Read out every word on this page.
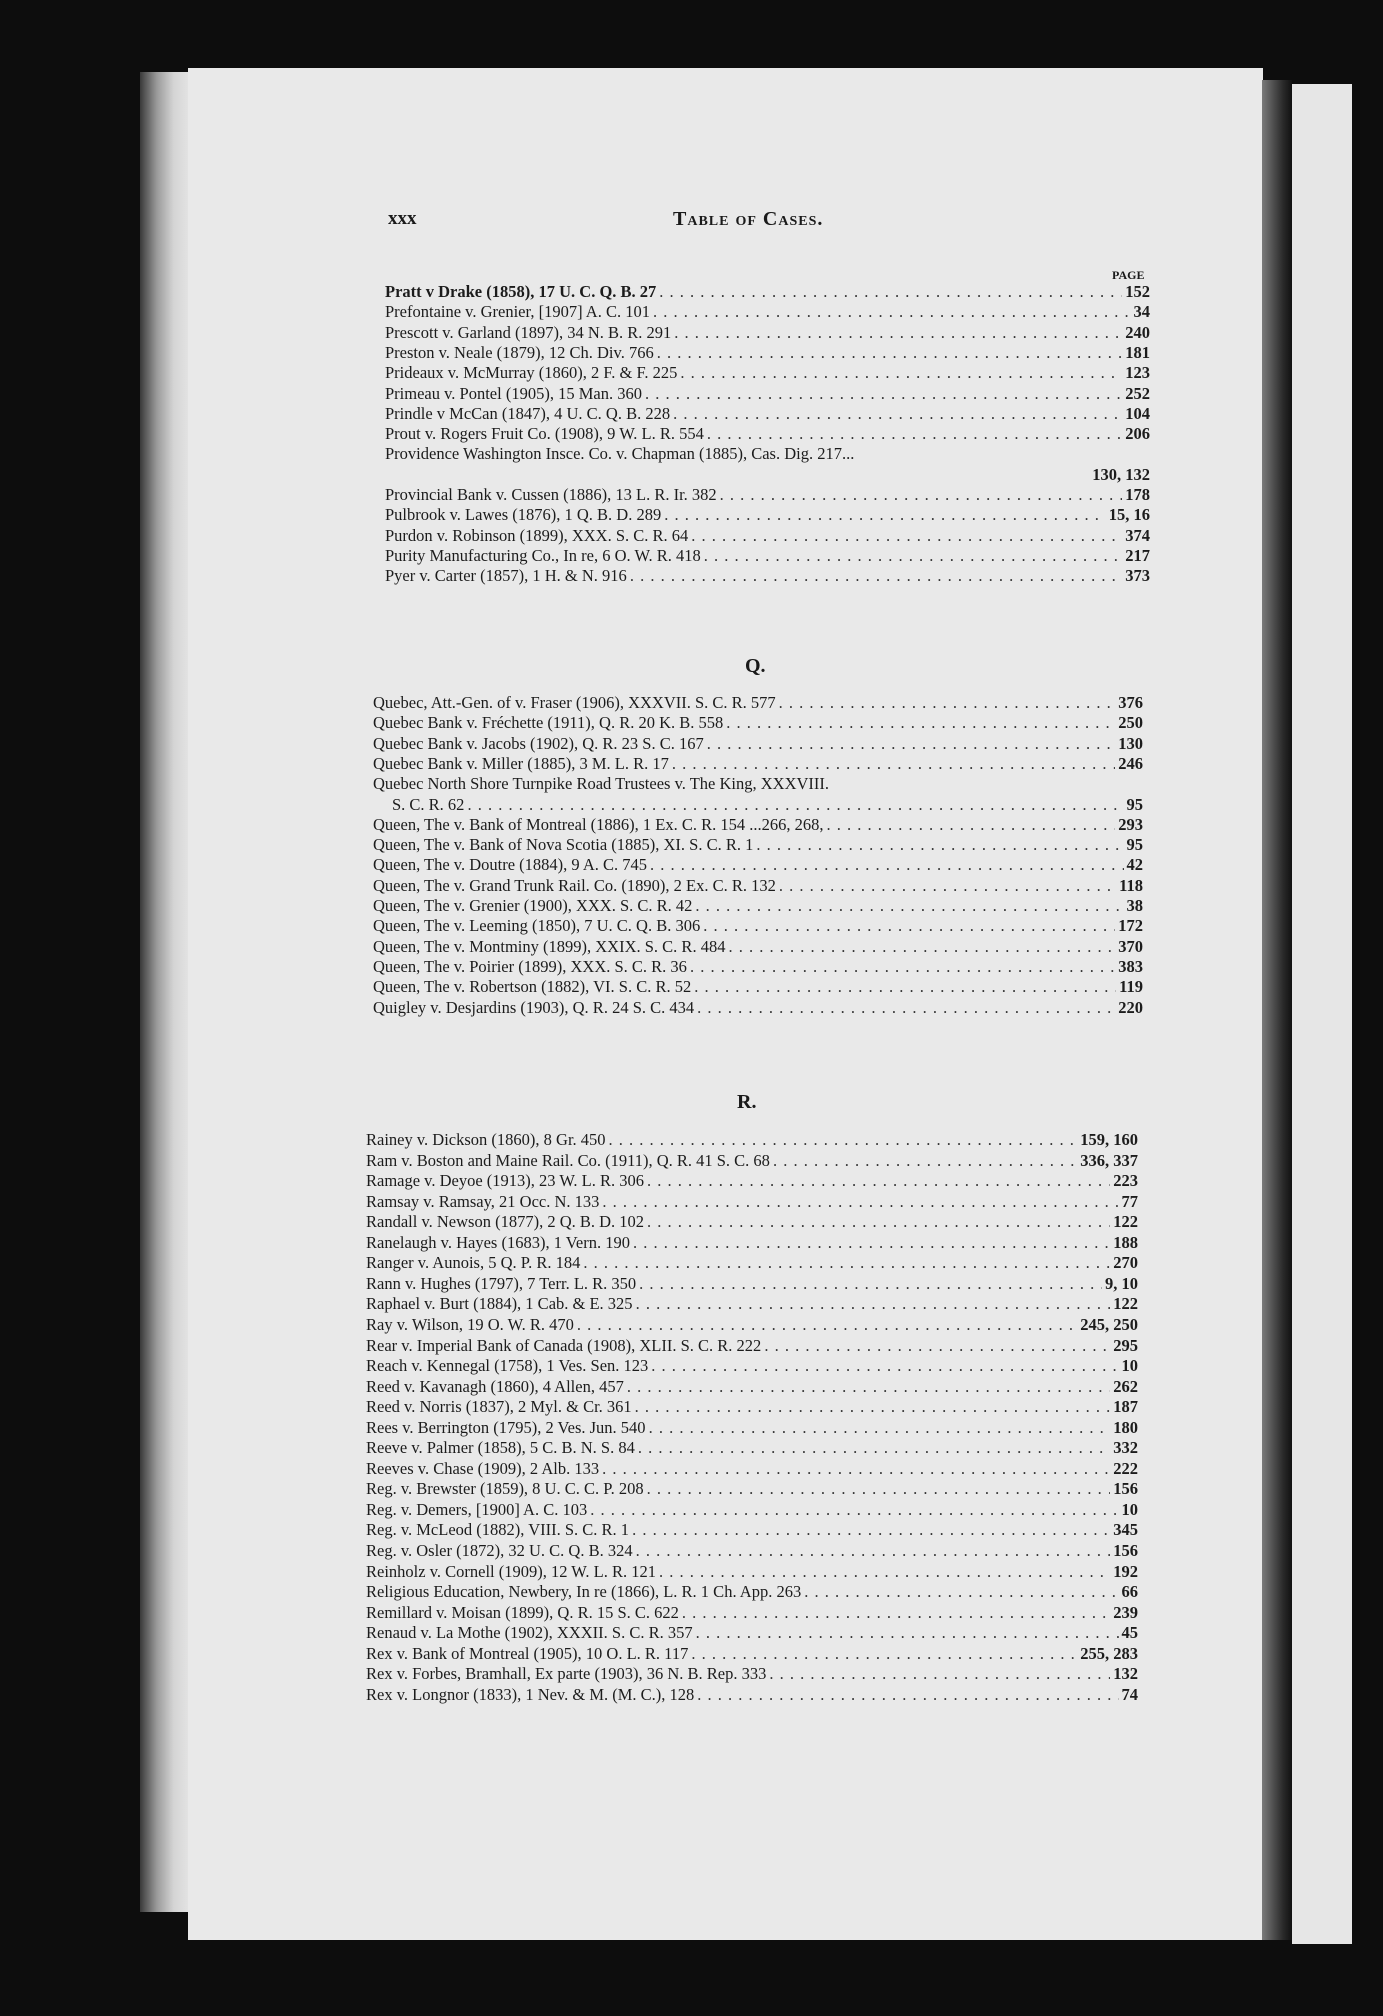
xxx	Table of Cases.
PAGE
Pratt v Drake (1858), 17 U. C. Q. B. 27 . . .	152
Prefontaine v. Grenier, [1907] A. C. 101 . . .	34
Prescott v. Garland (1897), 34 N. B. R. 291 . . .	240
Preston v. Neale (1879), 12 Ch. Div. 766 . . .	181
Prideaux v. McMurray (1860), 2 F. & F. 225 . . .	123
Primeau v. Pontel (1905), 15 Man. 360 . . .	252
Prindle v McCan (1847), 4 U. C. Q. B. 228 . . .	104
Prout v. Rogers Fruit Co. (1908), 9 W. L. R. 554 . . .	206
Providence Washington Insce. Co. v. Chapman (1885), Cas. Dig. 217...
130, 132
Provincial Bank v. Cussen (1886), 13 L. R. Ir. 382 . . .	178
Pulbrook v. Lawes (1876), 1 Q. B. D. 289 . . .	15, 16
Purdon v. Robinson (1899), XXX. S. C. R. 64 . . .	374
Purity Manufacturing Co., In re, 6 O. W. R. 418 . . .	217
Pyer v. Carter (1857), 1 H. & N. 916 . . .	373
Quebec, Att.-Gen. of v. Fraser (1906), XXXVII. S. C. R. 577 . . .	376
Quebec Bank v. Fréchette (1911), Q. R. 20 K. B. 558 . . .	250
Quebec Bank v. Jacobs (1902), Q. R. 23 S. C. 167 . . .	130
Quebec Bank v. Miller (1885), 3 M. L. R. 17 . . .	246
Quebec North Shore Turnpike Road Trustees v. The King, XXXVIII.
S. C. R. 62 . . .	95
Queen, The v. Bank of Montreal (1886), 1 Ex. C. R. 154 ...266, 268, . . .	293
Queen, The v. Bank of Nova Scotia (1885), XI. S. C. R. 1 . . .	95
Queen, The v. Doutre (1884), 9 A. C. 745 . . .	42
Queen, The v. Grand Trunk Rail. Co. (1890), 2 Ex. C. R. 132 . . .	118
Queen, The v. Grenier (1900), XXX. S. C. R. 42 . . .	38
Queen, The v. Leeming (1850), 7 U. C. Q. B. 306 . . .	172
Queen, The v. Montminy (1899), XXIX. S. C. R. 484 . . .	370
Queen, The v. Poirier (1899), XXX. S. C. R. 36 . . .	383
Queen, The v. Robertson (1882), VI. S. C. R. 52 . . .	119
Quigley v. Desjardins (1903), Q. R. 24 S. C. 434 . . .	220
Rainey v. Dickson (1860), 8 Gr. 450 . . .	159, 160
Ram v. Boston and Maine Rail. Co. (1911), Q. R. 41 S. C. 68 . . .	336, 337
Ramage v. Deyoe (1913), 23 W. L. R. 306 . . .	223
Ramsay v. Ramsay, 21 Occ. N. 133 . . .	77
Randall v. Newson (1877), 2 Q. B. D. 102 . . .	122
Ranelaugh v. Hayes (1683), 1 Vern. 190 . . .	188
Ranger v. Aunois, 5 Q. P. R. 184 . . .	270
Rann v. Hughes (1797), 7 Terr. L. R. 350 . . .	9, 10
Raphael v. Burt (1884), 1 Cab. & E. 325 . . .	122
Ray v. Wilson, 19 O. W. R. 470 . . .	245, 250
Rear v. Imperial Bank of Canada (1908), XLII. S. C. R. 222 . . .	295
Reach v. Kennegal (1758), 1 Ves. Sen. 123 . . .	10
Reed v. Kavanagh (1860), 4 Allen, 457 . . .	262
Reed v. Norris (1837), 2 Myl. & Cr. 361 . . .	187
Rees v. Berrington (1795), 2 Ves. Jun. 540 . . .	180
Reeve v. Palmer (1858), 5 C. B. N. S. 84 . . .	332
Reeves v. Chase (1909), 2 Alb. 133 . . .	222
Reg. v. Brewster (1859), 8 U. C. C. P. 208 . . .	156
Reg. v. Demers, [1900] A. C. 103 . . .	10
Reg. v. McLeod (1882), VIII. S. C. R. 1 . . .	345
Reg. v. Osler (1872), 32 U. C. Q. B. 324 . . .	156
Reinholz v. Cornell (1909), 12 W. L. R. 121 . . .	192
Religious Education, Newbery, In re (1866), L. R. 1 Ch. App. 263 . . .	66
Remillard v. Moisan (1899), Q. R. 15 S. C. 622 . . .	239
Renaud v. La Mothe (1902), XXXII. S. C. R. 357 . . .	45
Rex v. Bank of Montreal (1905), 10 O. L. R. 117 . . .	255, 283
Rex v. Forbes, Bramhall, Ex parte (1903), 36 N. B. Rep. 333 . . .	132
Rex v. Longnor (1833), 1 Nev. & M. (M. C.), 128 . . .	74
Q.
R.
